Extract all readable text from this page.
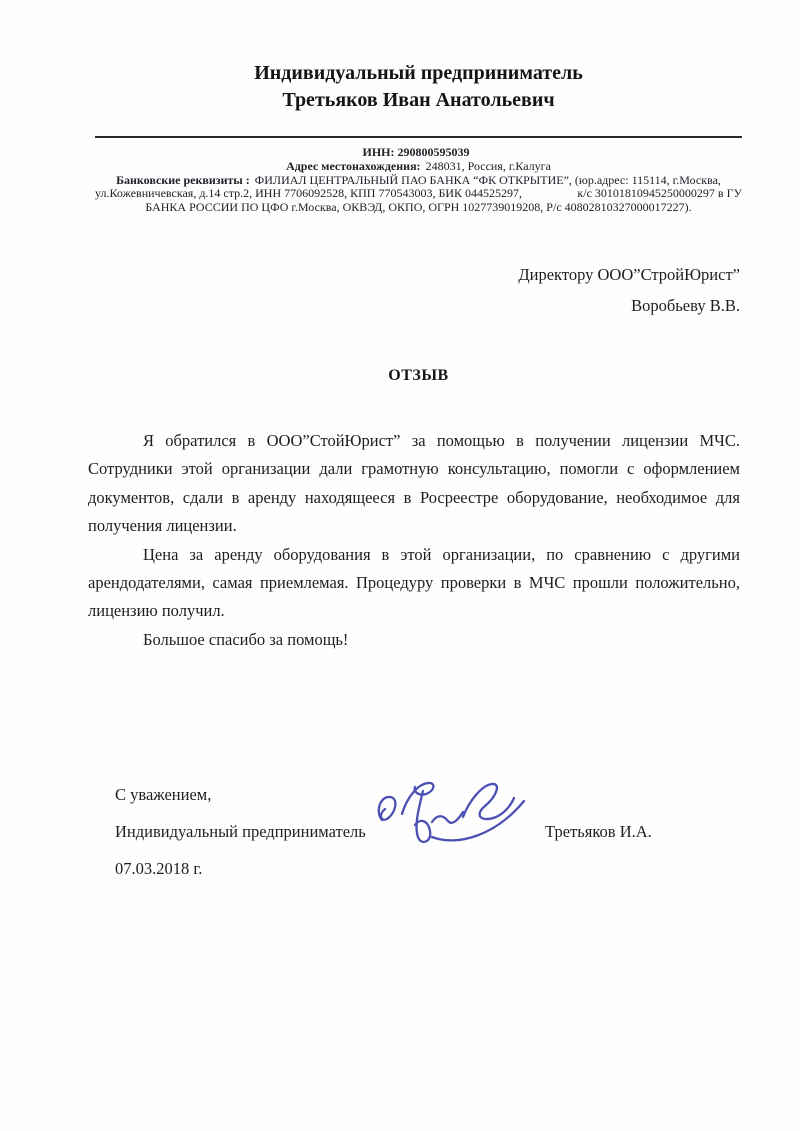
Индивидуальный предприниматель
Третьяков Иван Анатольевич
ИНН: 290800595039
Адрес местонахождения: 248031, Россия, г.Калуга
Банковские реквизиты : ФИЛИАЛ ЦЕНТРАЛЬНЫЙ ПАО БАНКА “ФК ОТКРЫТИЕ”, (юр.адрес: 115114, г.Москва,
ул.Кожевничевская, д.14 стр.2, ИНН 7706092528, КПП 770543003, БИК 044525297,	к/с 30101810945250000297 в ГУ
БАНКА РОССИИ ПО ЦФО г.Москва, ОКВЭД, ОКПО, ОГРН 1027739019208, Р/с 40802810327000017227).
Директору ООО”СтройЮрист”
Воробьеву В.В.
ОТЗЫВ

Я обратился в ООО”СтойЮрист” за помощью в получении лицензии МЧС. Сотрудники этой организации дали грамотную консультацию, помогли с оформлением документов, сдали в аренду находящееся в Росреестре оборудование, необходимое для получения лицензии.

Цена за аренду оборудования в этой организации, по сравнению с другими арендодателями, самая приемлемая. Процедуру проверки в МЧС прошли положительно, лицензию получил.

Большое спасибо за помощь!

С уважением,
Индивидуальный предприниматель	Третьяков И.А.
07.03.2018 г.
